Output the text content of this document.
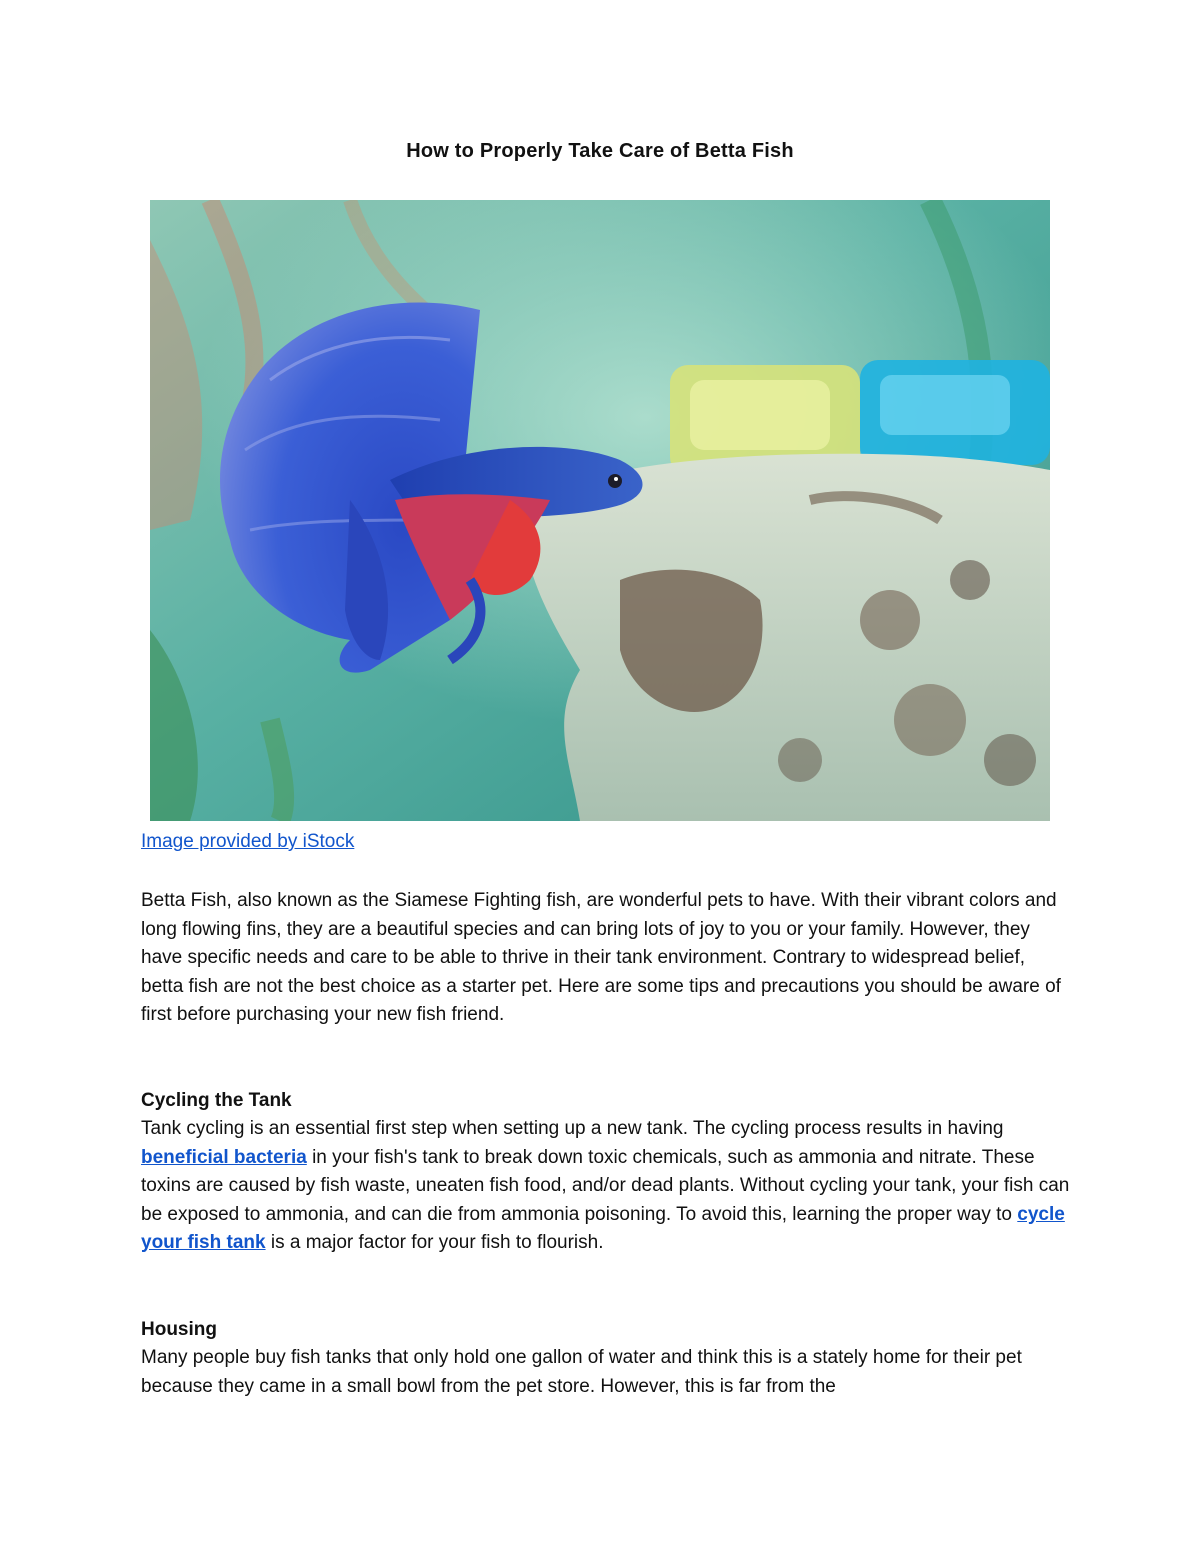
How to Properly Take Care of Betta Fish
Image provided by iStock

Betta Fish, also known as the Siamese Fighting fish, are wonderful pets to have. With their vibrant colors and long flowing fins, they are a beautiful species and can bring lots of joy to you or your family. However, they have specific needs and care to be able to thrive in their tank environment. Contrary to widespread belief, betta fish are not the best choice as a starter pet. Here are some tips and precautions you should be aware of first before purchasing your new fish friend.

Cycling the Tank

Tank cycling is an essential first step when setting up a new tank. The cycling process results in having beneficial bacteria in your fish's tank to break down toxic chemicals, such as ammonia and nitrate. These toxins are caused by fish waste, uneaten fish food, and/or dead plants. Without cycling your tank, your fish can be exposed to ammonia, and can die from ammonia poisoning. To avoid this, learning the proper way to cycle your fish tank is a major factor for your fish to flourish.

Housing

Many people buy fish tanks that only hold one gallon of water and think this is a stately home for their pet because they came in a small bowl from the pet store. However, this is far from the
